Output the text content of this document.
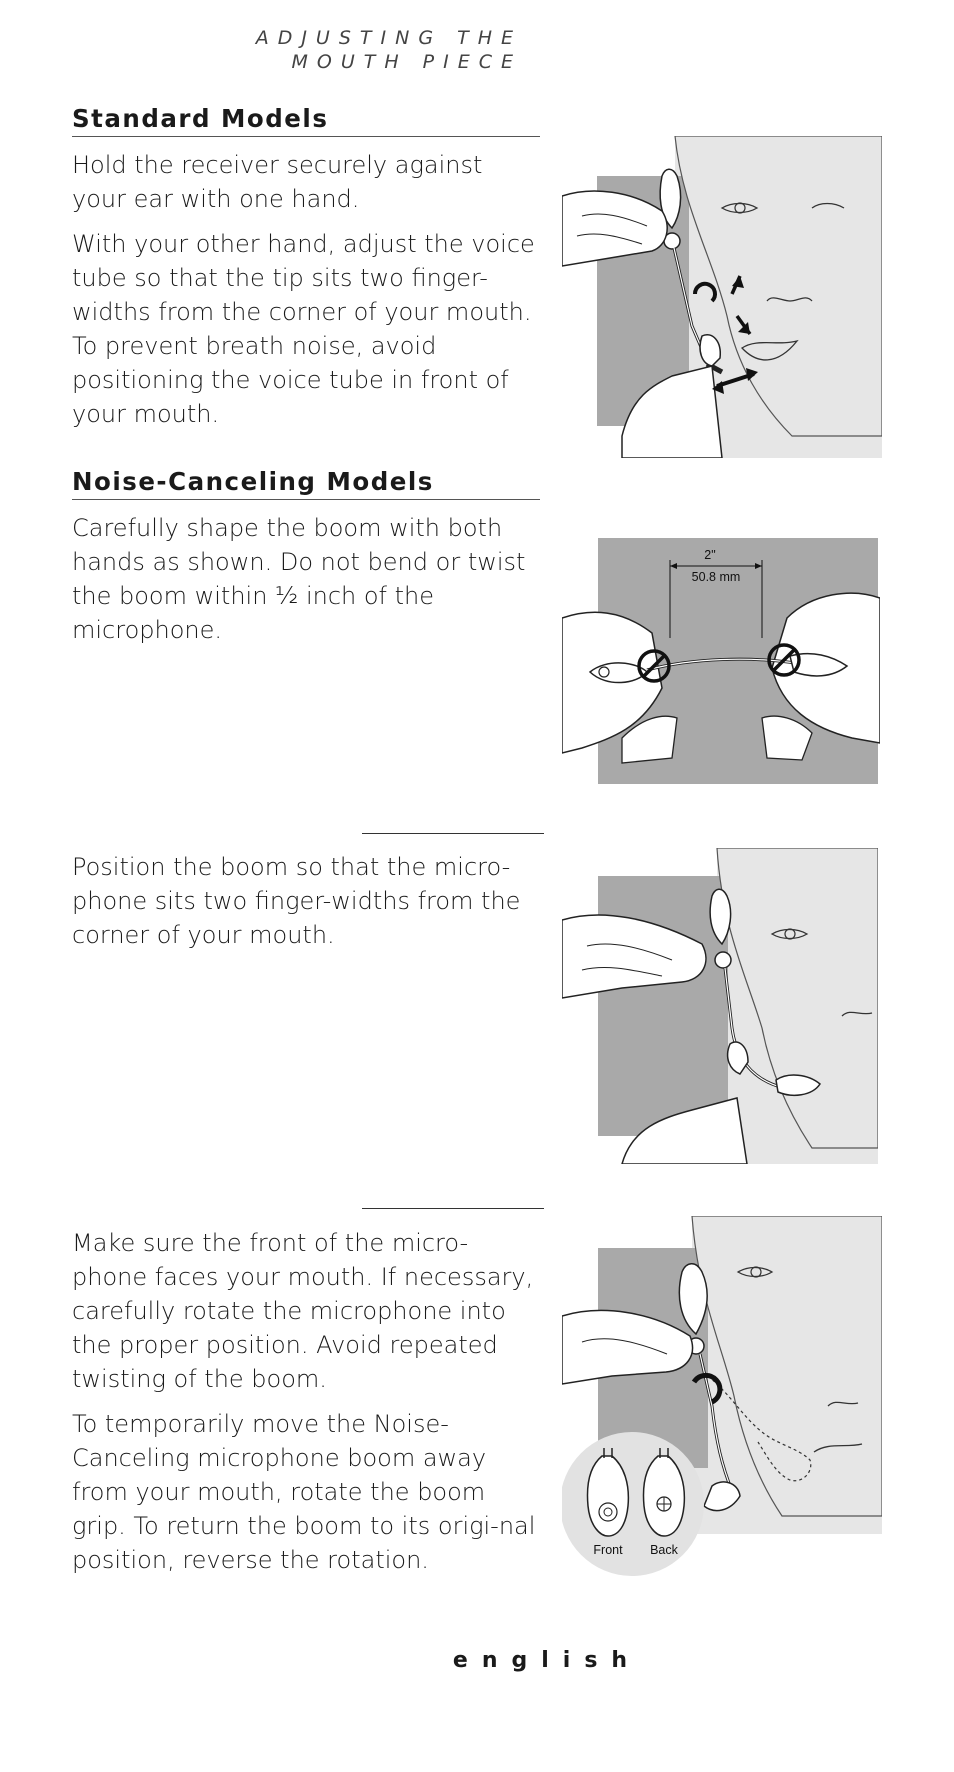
ADJUSTING THE
MOUTH PIECE
Standard Models

Hold the receiver securely against your ear with one hand.

With your other hand, adjust the voice tube so that the tip sits two finger-widths from the corner of your mouth. To prevent breath noise, avoid positioning the voice tube in front of your mouth.

Noise-Canceling Models

Carefully shape the boom with both hands as shown. Do not bend or twist the boom within ½ inch of the microphone.

2"
50.8 mm

Position the boom so that the micro-phone sits two finger-widths from the corner of your mouth.

Make sure the front of the micro-phone faces your mouth. If necessary, carefully rotate the microphone into the proper position. Avoid repeated twisting of the boom.

To temporarily move the Noise-Canceling microphone boom away from your mouth, rotate the boom grip. To return the boom to its origi-nal position, reverse the rotation.	Front Back
english
